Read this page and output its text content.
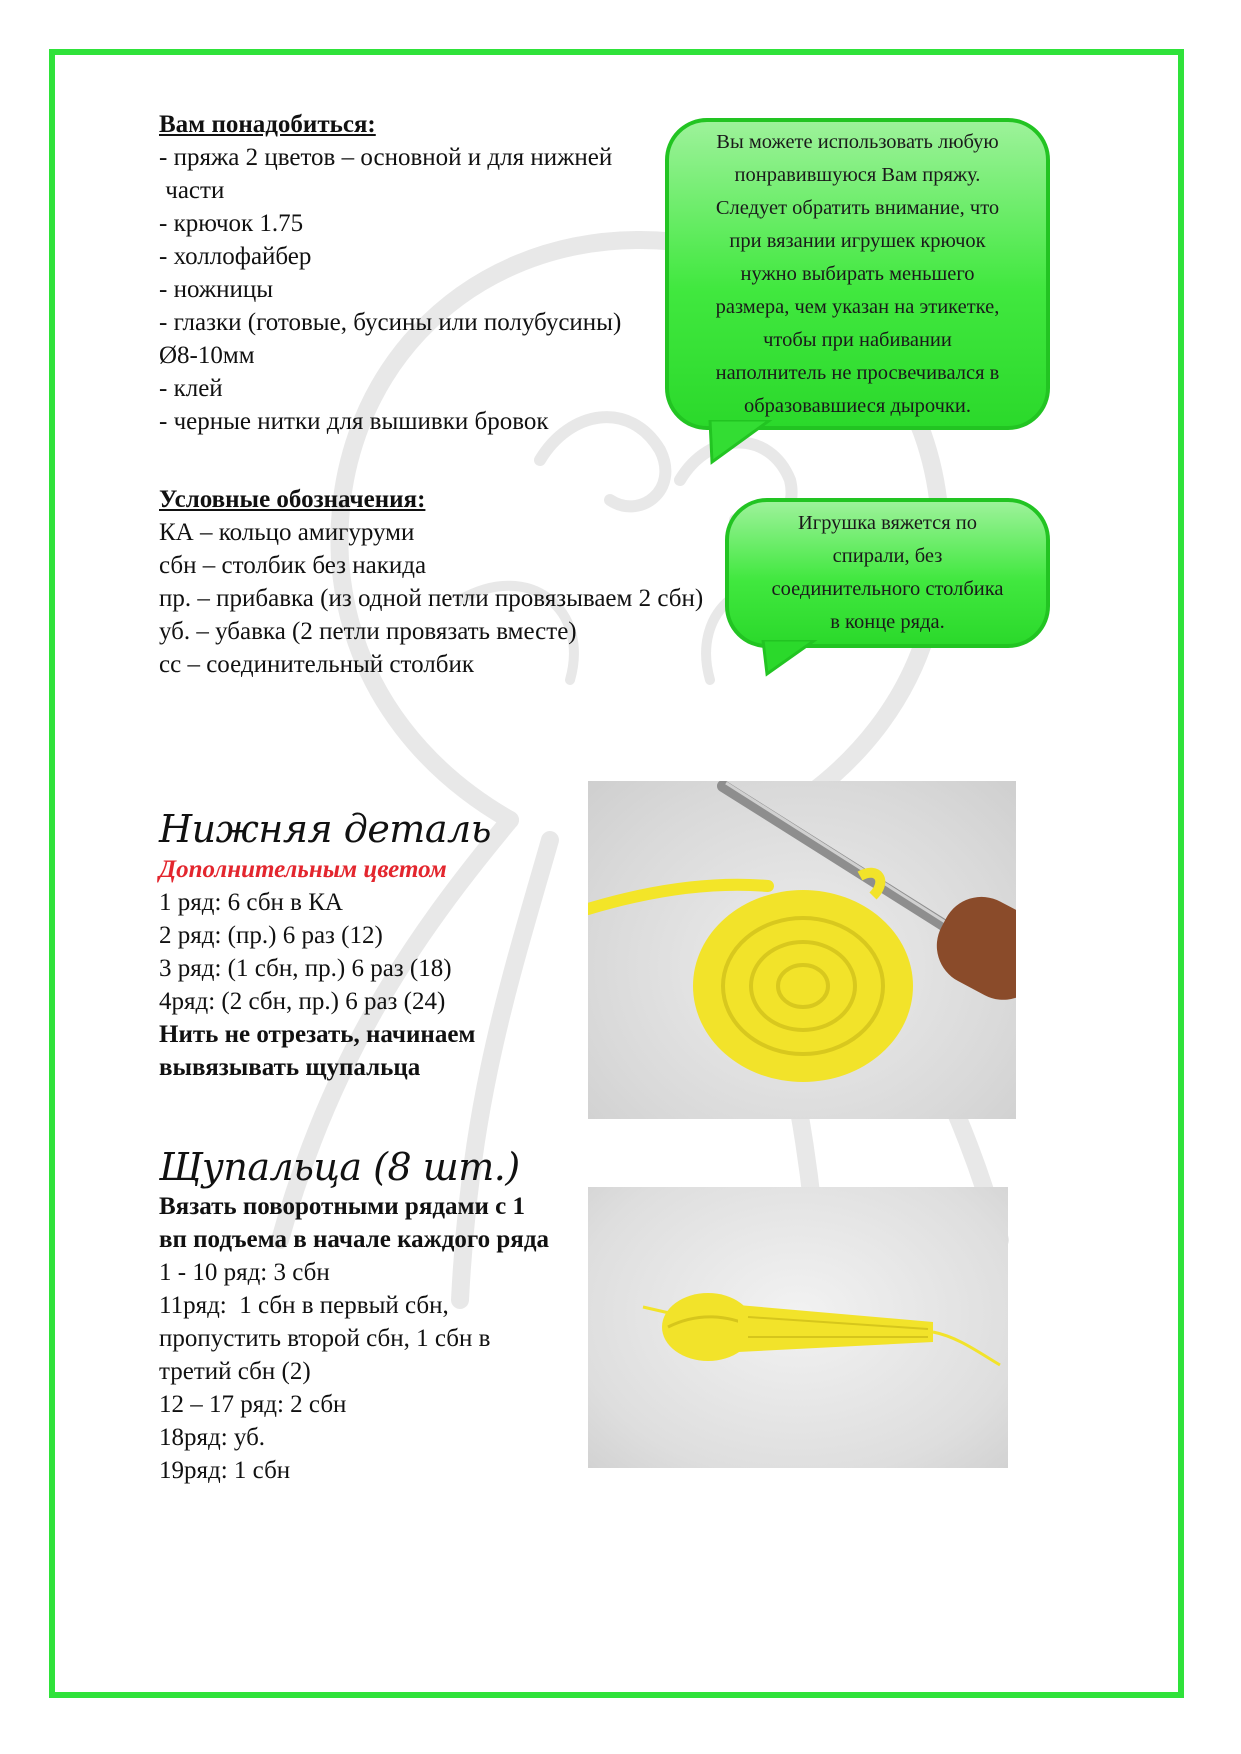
Вам понадобиться:
- пряжа 2 цветов – основной и для нижней
части
- крючок 1.75
- холлофайбер
- ножницы
- глазки (готовые, бусины или полубусины)
Ø8-10мм
- клей
- черные нитки для вышивки бровок
Вы можете использовать любую
понравившуюся Вам пряжу.
Следует обратить внимание, что
при вязании игрушек крючок
нужно выбирать меньшего
размера, чем указан на этикетке,
чтобы при набивании
наполнитель не просвечивался в
образовавшиеся дырочки.
Условные обозначения:
КА – кольцо амигуруми
сбн – столбик без накида
пр. – прибавка (из одной петли провязываем 2 сбн)
уб. – убавка (2 петли провязать вместе)
сс – соединительный столбик
Игрушка вяжется по
спирали, без
соединительного столбика
в конце ряда.
Нижняя деталь
Дополнительным цветом
1 ряд: 6 сбн в КА
2 ряд: (пр.) 6 раз (12)
3 ряд: (1 сбн, пр.) 6 раз (18)
4ряд: (2 сбн, пр.) 6 раз (24)
Нить не отрезать, начинаем
вывязывать щупальца
Щупальца (8 шт.)
Вязать поворотными рядами с 1
вп подъема в начале каждого ряда
1 - 10 ряд: 3 сбн
11ряд:  1 сбн в первый сбн,
пропустить второй сбн, 1 сбн в
третий сбн (2)
12 – 17 ряд: 2 сбн
18ряд: уб.
19ряд: 1 сбн
